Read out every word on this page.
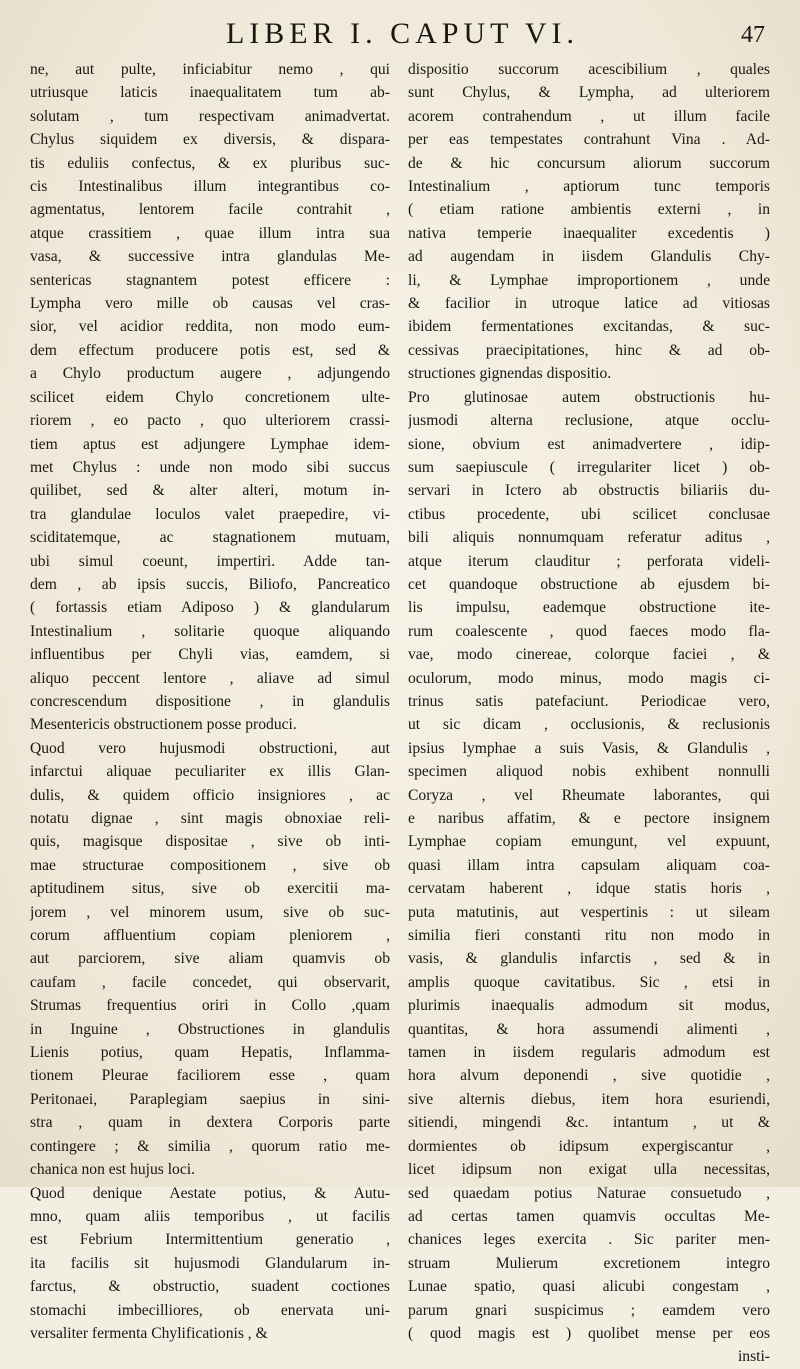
LIBER I. CAPUT VI.	47
ne, aut pulte, inficiabitur nemo , qui
utriusque laticis inaequalitatem tum ab-
solutam , tum respectivam animadvertat.
Chylus siquidem ex diversis, & dispara-
tis eduliis confectus, & ex pluribus suc-
cis Intestinalibus illum integrantibus co-
agmentatus, lentorem facile contrahit ,
atque crassitiem , quae illum intra sua
vasa, & successive intra glandulas Me-
sentericas stagnantem potest efficere :
Lympha vero mille ob causas vel cras-
sior, vel acidior reddita, non modo eum-
dem effectum producere potis est, sed &
a Chylo productum augere , adjungendo
scilicet eidem Chylo concretionem ulte-
riorem , eo pacto , quo ulteriorem crassi-
tiem aptus est adjungere Lymphae idem-
met Chylus : unde non modo sibi succus
quilibet, sed & alter alteri, motum in-
tra glandulae loculos valet praepedire, vi-
sciditatemque, ac stagnationem mutuam,
ubi simul coeunt, impertiri. Adde tan-
dem , ab ipsis succis, Biliofo, Pancreatico
( fortassis etiam Adiposo ) & glandularum
Intestinalium , solitarie quoque aliquando
influentibus per Chyli vias, eamdem, si
aliquo peccent lentore , aliave ad simul
concrescendum dispositione , in glandulis
Mesentericis obstructionem posse produci.
Quod vero hujusmodi obstructioni, aut
infarctui aliquae peculiariter ex illis Glan-
dulis, & quidem officio insigniores , ac
notatu dignae , sint magis obnoxiae reli-
quis, magisque dispositae , sive ob inti-
mae structurae compositionem , sive ob
aptitudinem situs, sive ob exercitii ma-
jorem , vel minorem usum, sive ob suc-
corum affluentium copiam pleniorem ,
aut parciorem, sive aliam quamvis ob
caufam , facile concedet, qui observarit,
Strumas frequentius oriri in Collo ,quam
in Inguine , Obstructiones in glandulis
Lienis potius, quam Hepatis, Inflamma-
tionem Pleurae faciliorem esse , quam
Peritonaei, Paraplegiam saepius in sini-
stra , quam in dextera Corporis parte
contingere ; & similia , quorum ratio me-
chanica non est hujus loci.
Quod denique Aestate potius, & Autu-
mno, quam aliis temporibus , ut facilis
est Febrium Intermittentium generatio ,
ita facilis sit hujusmodi Glandularum in-
farctus, & obstructio, suadent coctiones
stomachi imbecilliores, ob enervata uni-
versaliter fermenta Chylificationis , &
dispositio succorum acescibilium , quales
sunt Chylus, & Lympha, ad ulteriorem
acorem contrahendum , ut illum facile
per eas tempestates contrahunt Vina . Ad-
de & hic concursum aliorum succorum
Intestinalium , aptiorum tunc temporis
( etiam ratione ambientis externi , in
nativa temperie inaequaliter excedentis )
ad augendam in iisdem Glandulis Chy-
li, & Lymphae improportionem , unde
& facilior in utroque latice ad vitiosas
ibidem fermentationes excitandas, & suc-
cessivas praecipitationes, hinc & ad ob-
structiones gignendas dispositio.
Pro glutinosae autem obstructionis hu-
jusmodi alterna reclusione, atque occlu-
sione, obvium est animadvertere , idip-
sum saepiuscule ( irregulariter licet ) ob-
servari in Ictero ab obstructis biliariis du-
ctibus procedente, ubi scilicet conclusae
bili aliquis nonnumquam referatur aditus ,
atque iterum clauditur ; perforata videli-
cet quandoque obstructione ab ejusdem bi-
lis impulsu, eademque obstructione ite-
rum coalescente , quod faeces modo fla-
vae, modo cinereae, colorque faciei , &
oculorum, modo minus, modo magis ci-
trinus satis patefaciunt. Periodicae vero,
ut sic dicam , occlusionis, & reclusionis
ipsius lymphae a suis Vasis, & Glandulis ,
specimen aliquod nobis exhibent nonnulli
Coryza , vel Rheumate laborantes, qui
e naribus affatim, & e pectore insignem
Lymphae copiam emungunt, vel expuunt,
quasi illam intra capsulam aliquam coa-
cervatam haberent , idque statis horis ,
puta matutinis, aut vespertinis : ut sileam
similia fieri constanti ritu non modo in
vasis, & glandulis infarctis , sed & in
amplis quoque cavitatibus. Sic , etsi in
plurimis inaequalis admodum sit modus,
quantitas, & hora assumendi alimenti ,
tamen in iisdem regularis admodum est
hora alvum deponendi , sive quotidie ,
sive alternis diebus, item hora esuriendi,
sitiendi, mingendi &c. intantum , ut &
dormientes ob idipsum expergiscantur ,
licet idipsum non exigat ulla necessitas,
sed quaedam potius Naturae consuetudo ,
ad certas tamen quamvis occultas Me-
chanices leges exercita . Sic pariter men-
struam Mulierum excretionem integro
Lunae spatio, quasi alicubi congestam ,
parum gnari suspicimus ; eamdem vero
( quod magis est ) quolibet mense per eos
insti-
